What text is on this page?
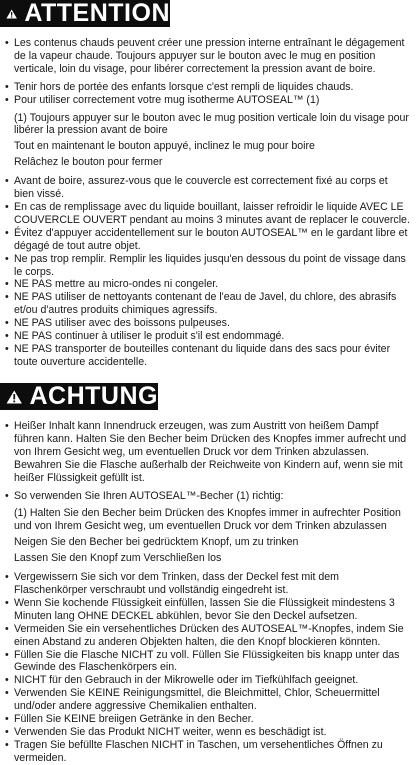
ATTENTION
• Les contenus chauds peuvent créer une pression interne entraînant le dégagement de la vapeur chaude. Toujours appuyer sur le bouton avec le mug en position verticale, loin du visage, pour libérer correctement la pression avant de boire.
• Tenir hors de portée des enfants lorsque c'est rempli de liquides chauds.
• Pour utiliser correctement votre mug isotherme AUTOSEAL™ (1)

(1) Toujours appuyer sur le bouton avec le mug position verticale loin du visage pour libérer la pression avant de boire

Tout en maintenant le bouton appuyé, inclinez le mug pour boire

Relâchez le bouton pour fermer

• Avant de boire, assurez-vous que le couvercle est correctement fixé au corps et bien vissé.
• En cas de remplissage avec du liquide bouillant, laisser refroidir le liquide AVEC LE COUVERCLE OUVERT pendant au moins 3 minutes avant de replacer le couvercle.
• Évitez d'appuyer accidentellement sur le bouton AUTOSEAL™ en le gardant libre et dégagé de tout autre objet.
• Ne pas trop remplir. Remplir les liquides jusqu'en dessous du point de vissage dans le corps.
• NE PAS mettre au micro-ondes ni congeler.
• NE PAS utiliser de nettoyants contenant de l'eau de Javel, du chlore, des abrasifs et/ou d'autres produits chimiques agressifs.
• NE PAS utiliser avec des boissons pulpeuses.
• NE PAS continuer à utiliser le produit s'il est endommagé.
• NE PAS transporter de bouteilles contenant du liquide dans des sacs pour éviter toute ouverture accidentelle.
ACHTUNG
• Heißer Inhalt kann Innendruck erzeugen, was zum Austritt von heißem Dampf führen kann. Halten Sie den Becher beim Drücken des Knopfes immer aufrecht und von Ihrem Gesicht weg, um eventuellen Druck vor dem Trinken abzulassen. Bewahren Sie die Flasche außerhalb der Reichweite von Kindern auf, wenn sie mit heißer Flüssigkeit gefüllt ist.
• So verwenden Sie Ihren AUTOSEAL™-Becher (1) richtig:

(1) Halten Sie den Becher beim Drücken des Knopfes immer in aufrechter Position und von Ihrem Gesicht weg, um eventuellen Druck vor dem Trinken abzulassen

Neigen Sie den Becher bei gedrücktem Knopf, um zu trinken

Lassen Sie den Knopf zum Verschließen los

• Vergewissern Sie sich vor dem Trinken, dass der Deckel fest mit dem Flaschenkörper verschraubt und vollständig eingedreht ist.
• Wenn Sie kochende Flüssigkeit einfüllen, lassen Sie die Flüssigkeit mindestens 3 Minuten lang OHNE DECKEL abkühlen, bevor Sie den Deckel aufsetzen.
• Vermeiden Sie ein versehentliches Drücken des AUTOSEAL™-Knopfes, indem Sie einen Abstand zu anderen Objekten halten, die den Knopf blockieren könnten.
• Füllen Sie die Flasche NICHT zu voll. Füllen Sie Flüssigkeiten bis knapp unter das Gewinde des Flaschenkörpers ein.
• NICHT für den Gebrauch in der Mikrowelle oder im Tiefkühlfach geeignet.
• Verwenden Sie KEINE Reinigungsmittel, die Bleichmittel, Chlor, Scheuermittel und/oder andere aggressive Chemikalien enthalten.
• Füllen Sie KEINE breiigen Getränke in den Becher.
• Verwenden Sie das Produkt NICHT weiter, wenn es beschädigt ist.
• Tragen Sie befüllte Flaschen NICHT in Taschen, um versehentliches Öffnen zu vermeiden.
